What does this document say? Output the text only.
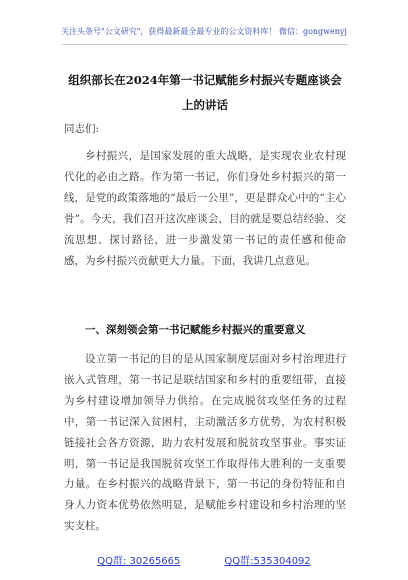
关注头条号"公文研究"，获得最新最全最专业的公文资料库！ 微信：gongwenyj
组织部长在2024年第一书记赋能乡村振兴专题座谈会上的讲话
同志们:

乡村振兴，是国家发展的重大战略，是实现农业农村现代化的必由之路。作为第一书记，你们身处乡村振兴的第一线，是党的政策落地的“最后一公里”，更是群众心中的“主心骨”。今天，我们召开这次座谈会，目的就是要总结经验、交流思想、探讨路径，进一步激发第一书记的责任感和使命感，为乡村振兴贡献更大力量。下面，我讲几点意见。

一、深刻领会第一书记赋能乡村振兴的重要意义

设立第一书记的目的是从国家制度层面对乡村治理进行嵌入式管理，第一书记是联结国家和乡村的重要纽带，直接为乡村建设增加领导力供给。在完成脱贫攻坚任务的过程中，第一书记深入贫困村，主动激活多方优势，为农村积极链接社会各方资源，助力农村发展和脱贫攻坚事业。事实证明，第一书记是我国脱贫攻坚工作取得伟大胜利的一支重要力量。在乡村振兴的战略背景下，第一书记的身份特征和自身人力资本优势依然明显，是赋能乡村建设和乡村治理的坚实支柱。

QQ群: 30265665	QQ群:535304092
